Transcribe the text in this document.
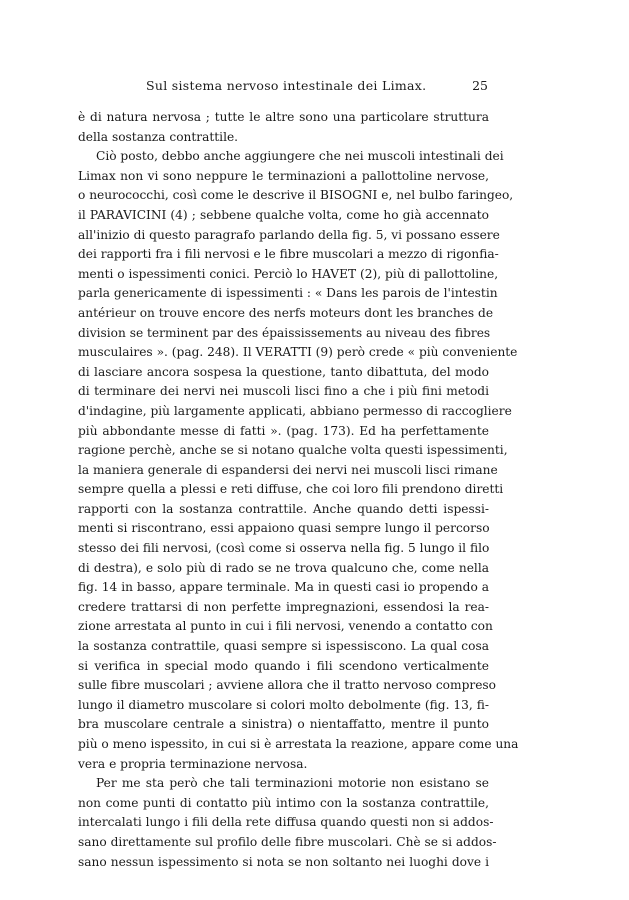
Sul sistema nervoso intestinale dei Limax.	25
è di natura nervosa ; tutte le altre sono una particolare struttura
della sostanza contrattile.
Ciò posto, debbo anche aggiungere che nei muscoli intestinali dei
Limax non vi sono neppure le terminazioni a pallottoline nervose,
o neurococchi, così come le descrive il BISOGNI e, nel bulbo faringeo,
il PARAVICINI (4) ; sebbene qualche volta, come ho già accennato
all'inizio di questo paragrafo parlando della fig. 5, vi possano essere
dei rapporti fra i fili nervosi e le fibre muscolari a mezzo di rigonfia-
menti o ispessimenti conici. Perciò lo HAVET (2), più di pallottoline,
parla genericamente di ispessimenti : « Dans les parois de l'intestin
antérieur on trouve encore des nerfs moteurs dont les branches de
division se terminent par des épaississements au niveau des fibres
musculaires ». (pag. 248). Il VERATTI (9) però crede « più conveniente
di lasciare ancora sospesa la questione, tanto dibattuta, del modo
di terminare dei nervi nei muscoli lisci fino a che i più fini metodi
d'indagine, più largamente applicati, abbiano permesso di raccogliere
più abbondante messe di fatti ». (pag. 173). Ed ha perfettamente
ragione perchè, anche se si notano qualche volta questi ispessimenti,
la maniera generale di espandersi dei nervi nei muscoli lisci rimane
sempre quella a plessi e reti diffuse, che coi loro fili prendono diretti
rapporti con la sostanza contrattile. Anche quando detti ispessi-
menti si riscontrano, essi appaiono quasi sempre lungo il percorso
stesso dei fili nervosi, (così come si osserva nella fig. 5 lungo il filo
di destra), e solo più di rado se ne trova qualcuno che, come nella
fig. 14 in basso, appare terminale. Ma in questi casi io propendo a
credere trattarsi di non perfette impregnazioni, essendosi la rea-
zione arrestata al punto in cui i fili nervosi, venendo a contatto con
la sostanza contrattile, quasi sempre si ispessiscono. La qual cosa
si verifica in special modo quando i fili scendono verticalmente
sulle fibre muscolari ; avviene allora che il tratto nervoso compreso
lungo il diametro muscolare si colori molto debolmente (fig. 13, fi-
bra muscolare centrale a sinistra) o nientaffatto, mentre il punto
più o meno ispessito, in cui si è arrestata la reazione, appare come una
vera e propria terminazione nervosa.
Per me sta però che tali terminazioni motorie non esistano se
non come punti di contatto più intimo con la sostanza contrattile,
intercalati lungo i fili della rete diffusa quando questi non si addos-
sano direttamente sul profilo delle fibre muscolari. Chè se si addos-
sano nessun ispessimento si nota se non soltanto nei luoghi dove i
